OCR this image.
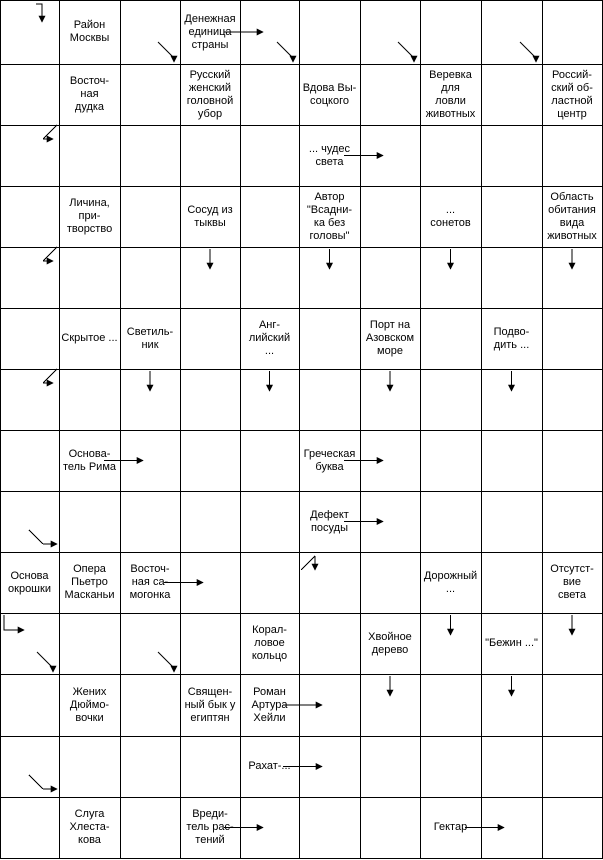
Район
Москвы
Денежная
единица
страны
Восточ-
ная
дудка
Русский
женский
головной
убор
Вдова Вы-
соцкого
Веревка
для
ловли
животных
Россий-
ский об-
ластной
центр
... чудес
света
Личина,
при-
творство
Сосуд из
тыквы
Автор
"Всадни-
ка без
головы"
...
сонетов
Область
обитания
вида
животных
Скрытое ...
Светиль-
ник
Анг-
лийский
...
Порт на
Азовском
море
Подво-
дить ...
Основа-
тель Рима
Греческая
буква
Дефект
посуды
Основа
окрошки
Опера
Пьетро
Масканьи
Восточ-
ная са-
могонка
Дорожный
...
Отсутст-
вие
света
Корал-
ловое
кольцо
Хвойное
дерево
"Бежин ..."
Жених
Дюймо-
вочки
Священ-
ный бык у
египтян
Роман
Артура
Хейли
Рахат-...
Слуга
Хлеста-
кова
Вреди-
тель рас-
тений
Гектар
